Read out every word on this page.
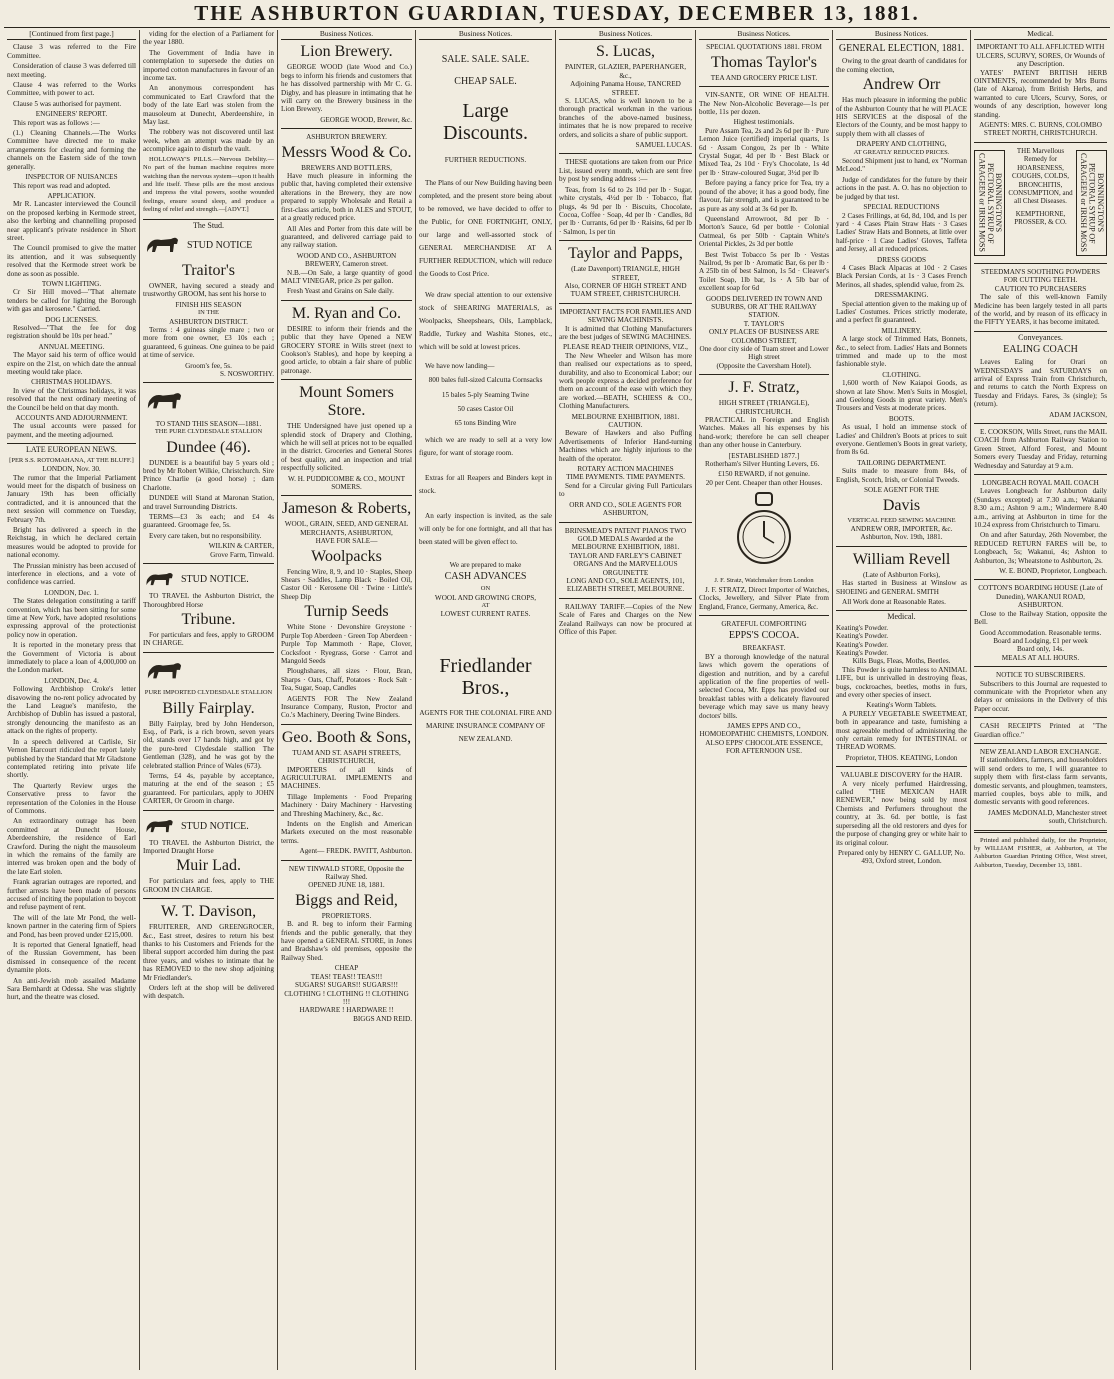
THE ASHBURTON GUARDIAN, TUESDAY, DECEMBER 13, 1881.
[Continued from first page.]

Clause 3 was referred to the Fire Committee.

Consideration of clause 3 was deferred till next meeting.

Clause 4 was referred to the Works Committee, with power to act.

Clause 5 was authorised for payment.

ENGINEERS' REPORT.

This report was as follows :—

(1.) Cleaning Channels.—The Works Committee have directed me to make arrangements for clearing and forming the channels on the Eastern side of the town generally.

INSPECTOR OF NUISANCES

This report was read and adopted.

APPLICATION.

Mr R. Lancaster interviewed the Council on the proposed kerbing in Kermode street, also the kerbing and channelling proposed near applicant's private residence in Short street.

The Council promised to give the matter its attention, and it was subsequently resolved that the Kermode street work be done as soon as possible.

TOWN LIGHTING.

Cr Sir Hill moved—"That alternate tenders be called for lighting the Borough with gas and kerosene." Carried.

DOG LICENSES.

Resolved—"That the fee for dog registration should be 10s per head."

ANNUAL MEETING.

The Mayor said his term of office would expire on the 21st, on which date the annual meeting would take place.

CHRISTMAS HOLIDAYS.

In view of the Christmas holidays, it was resolved that the next ordinary meeting of the Council be held on that day month.

ACCOUNTS AND ADJOURNMENT.

The usual accounts were passed for payment, and the meeting adjourned.

LATE EUROPEAN NEWS.
[PER S.S. ROTOMAHANA, AT THE BLUFF.]
LONDON, Nov. 30.

The rumor that the Imperial Parliament would meet for the dispatch of business on January 19th has been officially contradicted, and it is announced that the next session will commence on Tuesday, February 7th.

Bright has delivered a speech in the Reichstag, in which he declared certain measures would be adopted to provide for national economy.

The Prussian ministry has been accused of interference in elections, and a vote of confidence was carried.

LONDON, Dec. 1.

The States delegation constituting a tariff convention, which has been sitting for some time at New York, have adopted resolutions expressing approval of the protectionist policy now in operation.

It is reported in the monetary press that the Government of Victoria is about immediately to place a loan of 4,000,000 on the London market.

LONDON, Dec. 4.

Following Archbishop Croke's letter disavowing the no-rent policy advocated by the Land League's manifesto, the Archbishop of Dublin has issued a pastoral, strongly denouncing the manifesto as an attack on the rights of property.

In a speech delivered at Carlisle, Sir Vernon Harcourt ridiculed the report lately published by the Standard that Mr Gladstone contemplated retiring into private life shortly.

The Quarterly Review urges the Conservative press to favor the representation of the Colonies in the House of Commons.

An extraordinary outrage has been committed at Dunecht House, Aberdeenshire, the residence of Earl Crawford. During the night the mausoleum in which the remains of the family are interred was broken open and the body of the late Earl stolen.

Frank agrarian outrages are reported, and further arrests have been made of persons accused of inciting the population to boycott and refuse payment of rent.

The will of the late Mr Pond, the well-known partner in the catering firm of Spiers and Pond, has been proved under £215,000.

It is reported that General Ignatieff, head of the Russian Government, has been dismissed in consequence of the recent dynamite plots.

An anti-Jewish mob assailed Madame Sara Bernhardt at Odessa. She was slightly hurt, and the theatre was closed.

viding for the election of a Parliament for the year 1880.

The Government of India have in contemplation to supersede the duties on imported cotton manufactures in favour of an income tax.

An anonymous correspondent has communicated to Earl Crawford that the body of the late Earl was stolen from the mausoleum at Dunecht, Aberdeenshire, in May last.

The robbery was not discovered until last week, when an attempt was made by an accomplice again to disturb the vault.

HOLLOWAY'S PILLS.—Nervous Debility.—No part of the human machine requires more watching than the nervous system—upon it health and life itself. These pills are the most anxious and impress the vital powers, soothe wounded feelings, ensure sound sleep, and produce a feeling of relief and strength.—[ADVT.]

The Stud.
STUD NOTICE
Traitor's

OWNER, having secured a steady and trustworthy GROOM, has sent his horse to

FINISH HIS SEASON
IN THE
ASHBURTON DISTRICT.

Terms : 4 guineas single mare ; two or more from one owner, £3 10s each ; guaranteed, 6 guineas. One guinea to be paid at time of service.

Groom's fee, 5s.
S. NOSWORTHY.
TO STAND THIS SEASON—1881.
THE PURE CLYDESDALE STALLION
Dundee (46).

DUNDEE is a beautiful bay 5 years old ; bred by Mr Robert Wilkie, Christchurch. Sire Prince Charlie (a good horse) ; dam Charlotte.

DUNDEE will Stand at Maronan Station, and travel Surrounding Districts.

TERMS—£3 3s each; and £4 4s guaranteed. Groomage fee, 5s.

Every care taken, but no responsibility.

WILKIN & CARTER,
Grove Farm, Tinwald.
STUD NOTICE.

TO TRAVEL the Ashburton District, the Thoroughbred Horse

Tribune.

For particulars and fees, apply to GROOM IN CHARGE.

PURE IMPORTED CLYDESDALE STALLION
Billy Fairplay.

Billy Fairplay, bred by John Henderson, Esq., of Park, is a rich brown, seven years old, stands over 17 hands high, and got by the pure-bred Clydesdale stallion The Gentleman (328), and he was got by the celebrated stallion Prince of Wales (673).

Terms, £4 4s, payable by acceptance, maturing at the end of the season ; £5 guaranteed. For particulars, apply to JOHN CARTER, Or Groom in charge.

STUD NOTICE.

TO TRAVEL the Ashburton District, the Imported Draught Horse

Muir Lad.

For particulars and fees, apply to THE GROOM IN CHARGE.

W. T. Davison,

FRUITERER, AND GREENGROCER, &c., East street, desires to return his best thanks to his Customers and Friends for the liberal support accorded him during the past three years, and wishes to intimate that he has REMOVED to the new shop adjoining Mr Friedlander's.

Orders left at the shop will be delivered with despatch.

Business Notices.
Lion Brewery.

GEORGE WOOD (late Wood and Co.) begs to inform his friends and customers that he has dissolved partnership with Mr C. G. Digby, and has pleasure in intimating that he will carry on the Brewery business in the Lion Brewery.

GEORGE WOOD, Brewer, &c.
ASHBURTON BREWERY.
Messrs Wood & Co.
BREWERS AND BOTTLERS,

Have much pleasure in informing the public that, having completed their extensive alterations in the Brewery, they are now prepared to supply Wholesale and Retail a first-class article, both in ALES and STOUT, at a greatly reduced price.

All Ales and Porter from this date will be guaranteed, and delivered carriage paid to any railway station.

WOOD AND CO., ASHBURTON BREWERY, Cameron street.

N.B.—On Sale, a large quantity of good MALT VINEGAR, price 2s per gallon.

Fresh Yeast and Grains on Sale daily.

M. Ryan and Co.

DESIRE to inform their friends and the public that they have Opened a NEW GROCERY STORE in Wills street (next to Cookson's Stables), and hope by keeping a good article, to obtain a fair share of public patronage.

Mount Somers Store.

THE Undersigned have just opened up a splendid stock of Drapery and Clothing, which he will sell at prices not to be equalled in the district. Groceries and General Stores of best quality, and an inspection and trial respectfully solicited.

W. H. PUDDICOMBE & CO., MOUNT SOMERS.
Jameson & Roberts,
WOOL, GRAIN, SEED, AND GENERAL MERCHANTS, ASHBURTON,
HAVE FOR SALE—
Woolpacks

Fencing Wire, 8, 9, and 10 · Staples, Sheep Shears · Saddles, Lamp Black · Boiled Oil, Castor Oil · Kerosene Oil · Twine · Little's Sheep Dip

Turnip Seeds

White Stone · Devonshire Greystone · Purple Top Aberdeen · Green Top Aberdeen · Purple Top Mammoth · Rape, Clover, Cocksfoot · Ryegrass, Gorse · Carrot and Mangold Seeds

Ploughshares, all sizes · Flour, Bran, Sharps · Oats, Chaff, Potatoes · Rock Salt · Tea, Sugar, Soap, Candles

AGENTS FOR The New Zealand Insurance Company, Ruston, Proctor and Co.'s Machinery, Deering Twine Binders.

Geo. Booth & Sons,
TUAM AND ST. ASAPH STREETS, CHRISTCHURCH,

IMPORTERS of all kinds of AGRICULTURAL IMPLEMENTS and MACHINES.

Tillage Implements · Food Preparing Machinery · Dairy Machinery · Harvesting and Threshing Machinery, &c., &c.

Indents on the English and American Markets executed on the most reasonable terms.

Agent— FREDK. PAVITT, Ashburton.
NEW TINWALD STORE, Opposite the Railway Shed.
OPENED JUNE 18, 1881.
Biggs and Reid,
PROPRIETORS.

B. and R. beg to inform their Farming friends and the public generally, that they have opened a GENERAL STORE, in Jones and Bradshaw's old premises, opposite the Railway Shed.

CHEAP
TEAS! TEAS!! TEAS!!!
SUGARS! SUGARS!! SUGARS!!!
CLOTHING ! CLOTHING !! CLOTHING !!!
HARDWARE ! HARDWARE !!
BIGGS AND REID.
Business Notices.
SALE. SALE. SALE.
CHEAP SALE.
Large Discounts.
FURTHER REDUCTIONS.

The Plans of our New Building having been completed, and the present store being about to be removed, we have decided to offer to the Public, for ONE FORTNIGHT, ONLY, our large and well-assorted stock of GENERAL MERCHANDISE AT A FURTHER REDUCTION, which will reduce the Goods to Cost Price.

We draw special attention to our extensive stock of SHEARING MATERIALS, as Woolpacks, Sheepshears, Oils, Lampblack, Raddle, Turkey and Washita Stones, etc., which will be sold at lowest prices.

We have now landing—

800 bales full-sized Calcutta Cornsacks
15 bales 5-ply Seaming Twine
50 cases Castor Oil
65 tons Binding Wire

which we are ready to sell at a very low figure, for want of storage room.

Extras for all Reapers and Binders kept in stock.

An early inspection is invited, as the sale will only be for one fortnight, and all that has been stated will be given effect to.

We are prepared to make
CASH ADVANCES
ON
WOOL AND GROWING CROPS,
AT
LOWEST CURRENT RATES.
Friedlander Bros.,

AGENTS FOR THE COLONIAL FIRE AND MARINE INSURANCE COMPANY OF NEW ZEALAND.

Business Notices.
S. Lucas,
PAINTER, GLAZIER, PAPERHANGER, &c.,
Adjoining Panama House, TANCRED STREET.

S. LUCAS, who is well known to be a thorough practical workman in the various branches of the above-named business, intimates that he is now prepared to receive orders, and solicits a share of public support.

SAMUEL LUCAS.

THESE quotations are taken from our Price List, issued every month, which are sent free by post by sending address :—

Teas, from 1s 6d to 2s 10d per lb · Sugar, white crystals, 4½d per lb · Tobacco, flat plugs, 4s 9d per lb · Biscuits, Chocolate, Cocoa, Coffee · Soap, 4d per lb · Candles, 8d per lb · Currants, 6d per lb · Raisins, 6d per lb · Salmon, 1s per tin

Taylor and Papps,
(Late Davenport) TRIANGLE, HIGH STREET,
Also, CORNER OF HIGH STREET AND TUAM STREET, CHRISTCHURCH.
IMPORTANT FACTS FOR FAMILIES AND SEWING MACHINISTS.

It is admitted that Clothing Manufacturers are the best judges of SEWING MACHINES.

PLEASE READ THEIR OPINIONS, VIZ.,

The New Wheeler and Wilson has more than realised our expectations as to speed, durability, and also to Economical Labor; our work people express a decided preference for them on account of the ease with which they are worked.—BEATH, SCHIESS & CO., Clothing Manufacturers.

MELBOURNE EXHIBITION, 1881.
CAUTION.

Beware of Hawkers and also Puffing Advertisements of Inferior Hand-turning Machines which are highly injurious to the health of the operator.

ROTARY ACTION MACHINES
TIME PAYMENTS. TIME PAYMENTS.

Send for a Circular giving Full Particulars to

ORR AND CO., SOLE AGENTS FOR ASHBURTON,
BRINSMEAD'S PATENT PIANOS TWO GOLD MEDALS Awarded at the MELBOURNE EXHIBITION, 1881.
TAYLOR AND FARLEY'S CABINET ORGANS And the MARVELLOUS ORGUINETTE
LONG AND CO., SOLE AGENTS, 101, ELIZABETH STREET, MELBOURNE.

RAILWAY TARIFF.—Copies of the New Scale of Fares and Charges on the New Zealand Railways can now be procured at Office of this Paper.

Business Notices.
SPECIAL QUOTATIONS 1881. FROM
Thomas Taylor's
TEA AND GROCERY PRICE LIST.

VIN-SANTE, OR WINE OF HEALTH. The New Non-Alcoholic Beverage—1s per bottle, 11s per dozen.

Highest testimonials.

Pure Assam Tea, 2s and 2s 6d per lb · Pure Lemon Juice (certified) imperial quarts, 1s 6d · Assam Congou, 2s per lb · White Crystal Sugar, 4d per lb · Best Black or Mixed Tea, 2s 10d · Fry's Chocolate, 1s 4d per lb · Straw-coloured Sugar, 3½d per lb

Before paying a fancy price for Tea, try a pound of the above; it has a good body, fine flavour, fair strength, and is guaranteed to be as pure as any sold at 3s 6d per lb.

Queensland Arrowroot, 8d per lb · Morton's Sauce, 6d per bottle · Colonial Oatmeal, 6s per 50lb · Captain White's Oriental Pickles, 2s 3d per bottle

Best Twist Tobacco 5s per lb · Vestas Nailrod, 9s per lb · Aromatic Bar, 6s per lb · A 25lb tin of best Salmon, 1s 5d · Cleaver's Toilet Soap, 1lb bar, 1s · A 5lb bar of excellent soap for 6d

GOODS DELIVERED IN TOWN AND SUBURBS, OR AT THE RAILWAY STATION.
T. TAYLOR'S
ONLY PLACES OF BUSINESS ARE
COLOMBO STREET,
One door city side of Tuam street and Lower High street
(Opposite the Caversham Hotel).
J. F. Stratz,
HIGH STREET (TRIANGLE), CHRISTCHURCH.

PRACTICAL in Foreign and English Watches. Makes all his expenses by his hand-work; therefore he can sell cheaper than any other house in Canterbury.

[ESTABLISHED 1877.]

Rotherham's Silver Hunting Levers, £6.

£150 REWARD, if not genuine.
20 per Cent. Cheaper than other Houses.
J. F. Stratz, Watchmaker from London

J. F. STRATZ, Direct Importer of Watches, Clocks, Jewellery, and Silver Plate from England, France, Germany, America, &c.

GRATEFUL COMFORTING
EPPS'S COCOA.
BREAKFAST.

BY a thorough knowledge of the natural laws which govern the operations of digestion and nutrition, and by a careful application of the fine properties of well-selected Cocoa, Mr. Epps has provided our breakfast tables with a delicately flavoured beverage which may save us many heavy doctors' bills.

JAMES EPPS AND CO., HOMOEOPATHIC CHEMISTS, LONDON.
ALSO EPPS' CHOCOLATE ESSENCE, FOR AFTERNOON USE.
Business Notices.
GENERAL ELECTION, 1881.

Owing to the great dearth of candidates for the coming election,

Andrew Orr

Has much pleasure in informing the public of the Ashburton County that he will PLACE HIS SERVICES at the disposal of the Electors of the County, and be most happy to supply them with all classes of

DRAPERY AND CLOTHING,
AT GREATLY REDUCED PRICES.

Second Shipment just to hand, ex "Norman McLeod."

Judge of candidates for the future by their actions in the past. A. O. has no objection to be judged by that test.

SPECIAL REDUCTIONS

2 Cases Frillings, at 6d, 8d, 10d, and 1s per yard · 4 Cases Plain Straw Hats · 3 Cases Ladies' Straw Hats and Bonnets, at little over half-price · 1 Case Ladies' Gloves, Taffeta and Jersey, all at reduced prices.

DRESS GOODS

4 Cases Black Alpacas at 10d · 2 Cases Black Persian Cords, at 1s · 3 Cases French Merinos, all shades, splendid value, from 2s.

DRESSMAKING.

Special attention given to the making up of Ladies' Costumes. Prices strictly moderate, and a perfect fit guaranteed.

MILLINERY.

A large stock of Trimmed Hats, Bonnets, &c., to select from. Ladies' Hats and Bonnets trimmed and made up to the most fashionable style.

CLOTHING.

1,600 worth of New Kaiapoi Goods, as shown at late Show. Men's Suits in Mosgiel, and Geelong Goods in great variety. Men's Trousers and Vests at moderate prices.

BOOTS.

As usual, I hold an immense stock of Ladies' and Children's Boots at prices to suit everyone. Gentlemen's Boots in great variety, from 8s 6d.

TAILORING DEPARTMENT.

Suits made to measure from 84s, of English, Scotch, Irish, or Colonial Tweeds.

SOLE AGENT FOR THE
Davis
VERTICAL FEED SEWING MACHINE
ANDREW ORR, IMPORTER, &c. Ashburton, Nov. 19th, 1881.
William Revell
(Late of Ashburton Forks),

Has started in Business at Winslow as SHOEING and GENERAL SMITH

All Work done at Reasonable Rates.

Medical.
Keating's Powder.
Keating's Powder.
Keating's Powder.
Keating's Powder.
Kills Bugs, Fleas, Moths, Beetles.

This Powder is quite harmless to ANIMAL LIFE, but is unrivalled in destroying fleas, bugs, cockroaches, beetles, moths in furs, and every other species of insect.

Keating's Worm Tablets.

A PURELY VEGETABLE SWEETMEAT, both in appearance and taste, furnishing a most agreeable method of administering the only certain remedy for INTESTINAL or THREAD WORMS.

Proprietor, THOS. KEATING, London
VALUABLE DISCOVERY for the HAIR.

A very nicely perfumed Hairdressing, called "THE MEXICAN HAIR RENEWER," now being sold by most Chemists and Perfumers throughout the country, at 3s. 6d. per bottle, is fast superseding all the old restorers and dyes for the purpose of changing grey or white hair to its original colour.

Prepared only by HENRY C. GALLUP, No. 493, Oxford street, London.
Medical.
IMPORTANT TO ALL AFFLICTED WITH ULCERS, SCURVY, SORES, Or Wounds of any Description.

YATES' PATENT BRITISH HERB OINTMENTS, recommended by Mrs Burns (late of Akaroa), from British Herbs, and warranted to cure Ulcers, Scurvy, Sores, or wounds of any description, however long standing.

AGENTS: MRS. C. BURNS, COLOMBO STREET NORTH, CHRISTCHURCH.
BONNINGTON'S PECTORAL SYRUP OF CARAGEEN or IRISH MOSS
THE Marvellous Remedy for HOARSENESS, COUGHS, COLDS, BRONCHITIS, CONSUMPTION, and all Chest Diseases.
KEMPTHORNE, PROSSER, & CO.	BONNINGTON'S PECTORAL SYRUP OF CARAGEEN or IRISH MOSS
STEEDMAN'S SOOTHING POWDERS FOR CUTTING TEETH.
CAUTION TO PURCHASERS

The sale of this well-known Family Medicine has been largely tested in all parts of the world, and by reason of its efficacy in the FIFTY YEARS, it has become imitated.

Conveyances.
EALING COACH

Leaves Ealing for Orari on WEDNESDAYS and SATURDAYS on arrival of Express Train from Christchurch, and returns to catch the North Express on Tuesday and Fridays. Fares, 3s (single); 5s (return).

ADAM JACKSON,

E. COOKSON, Wills Street, runs the MAIL COACH from Ashburton Railway Station to Green Street, Alford Forest, and Mount Somers every Tuesday and Friday, returning Wednesday and Saturday at 9 a.m.

LONGBEACH ROYAL MAIL COACH

Leaves Longbeach for Ashburton daily (Sundays excepted) at 7.30 a.m.; Wakanui 8.30 a.m.; Ashton 9 a.m.; Windermere 8.40 a.m., arriving at Ashburton in time for the 10.24 express from Christchurch to Timaru.

On and after Saturday, 26th November, the REDUCED RETURN FARES will be, to Longbeach, 5s; Wakanui, 4s; Ashton to Ashburton, 3s; Wheatstone to Ashburton, 2s.

W. E. BOND, Proprietor, Longbeach.
COTTON'S BOARDING HOUSE (Late of Dunedin), WAKANUI ROAD, ASHBURTON.

Close to the Railway Station, opposite the Bell.

Good Accommodation. Reasonable terms.
Board and Lodging, £1 per week
Board only, 14s.
MEALS AT ALL HOURS.
NOTICE TO SUBSCRIBERS.

Subscribers to this Journal are requested to communicate with the Proprietor when any delays or omissions in the Delivery of this Paper occur.

CASH RECEIPTS Printed at "The Guardian office."

NEW ZEALAND LABOR EXCHANGE.

If stationholders, farmers, and householders will send orders to me, I will guarantee to supply them with first-class farm servants, domestic servants, and ploughmen, teamsters, married couples, boys able to milk, and domestic servants with good references.

JAMES McDONALD, Manchester street south, Christchurch.

Printed and published daily, for the Proprietor, by WILLIAM FISHER, at Ashburton, at The Ashburton Guardian Printing Office, West street, Ashburton, Tuesday, December 13, 1881.
